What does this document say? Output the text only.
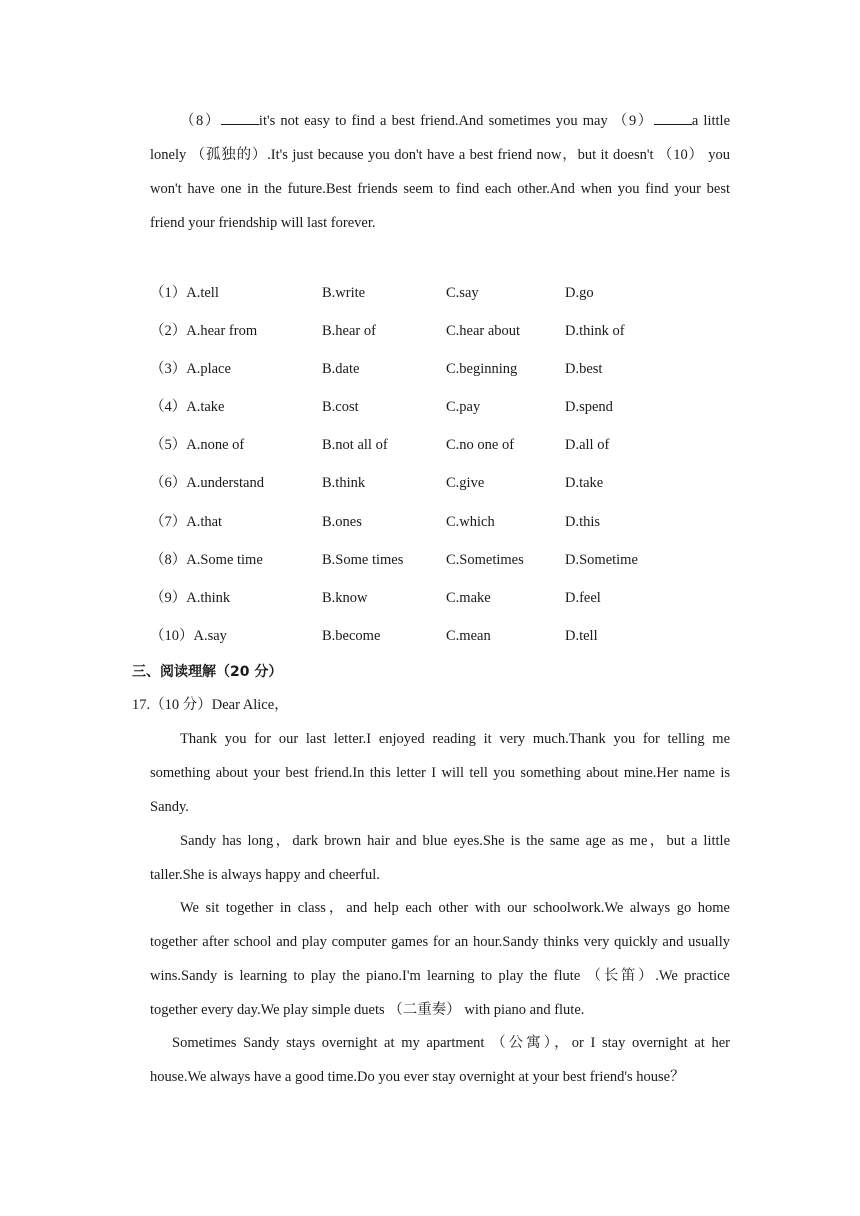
（8）	it's not easy to find a best friend.And sometimes you may （9）	a little lonely （孤独的）.It's just because you don't have a best friend now，but it doesn't （10） you won't have one in the future.Best friends seem to find each other.And when you find your best friend your friendship will last forever.

（1）A.tell	B.write	C.say	D.go
（2）A.hear from	B.hear of	C.hear about	D.think of
（3）A.place	B.date	C.beginning	D.best
（4）A.take	B.cost	C.pay	D.spend
（5）A.none of	B.not all of	C.no one of	D.all of
（6）A.understand	B.think	C.give	D.take
（7）A.that	B.ones	C.which	D.this
（8）A.Some time	B.Some times	C.Sometimes	D.Sometime
（9）A.think	B.know	C.make	D.feel
（10）A.say	B.become	C.mean	D.tell
三、阅读理解（20 分）
17.（10 分）Dear Alice，

Thank you for our last letter.I enjoyed reading it very much.Thank you for telling me something about your best friend.In this letter I will tell you something about mine.Her name is Sandy.

Sandy has long，dark brown hair and blue eyes.She is the same age as me，but a little taller.She is always happy and cheerful.

We sit together in class，and help each other with our schoolwork.We always go home together after school and play computer games for an hour.Sandy thinks very quickly and usually wins.Sandy is learning to play the piano.I'm learning to play the flute （长笛）.We practice together every day.We play simple duets （二重奏） with piano and flute.

Sometimes Sandy stays overnight at my apartment （公寓），or I stay overnight at her house.We always have a good time.Do you ever stay overnight at your best friend's house？
